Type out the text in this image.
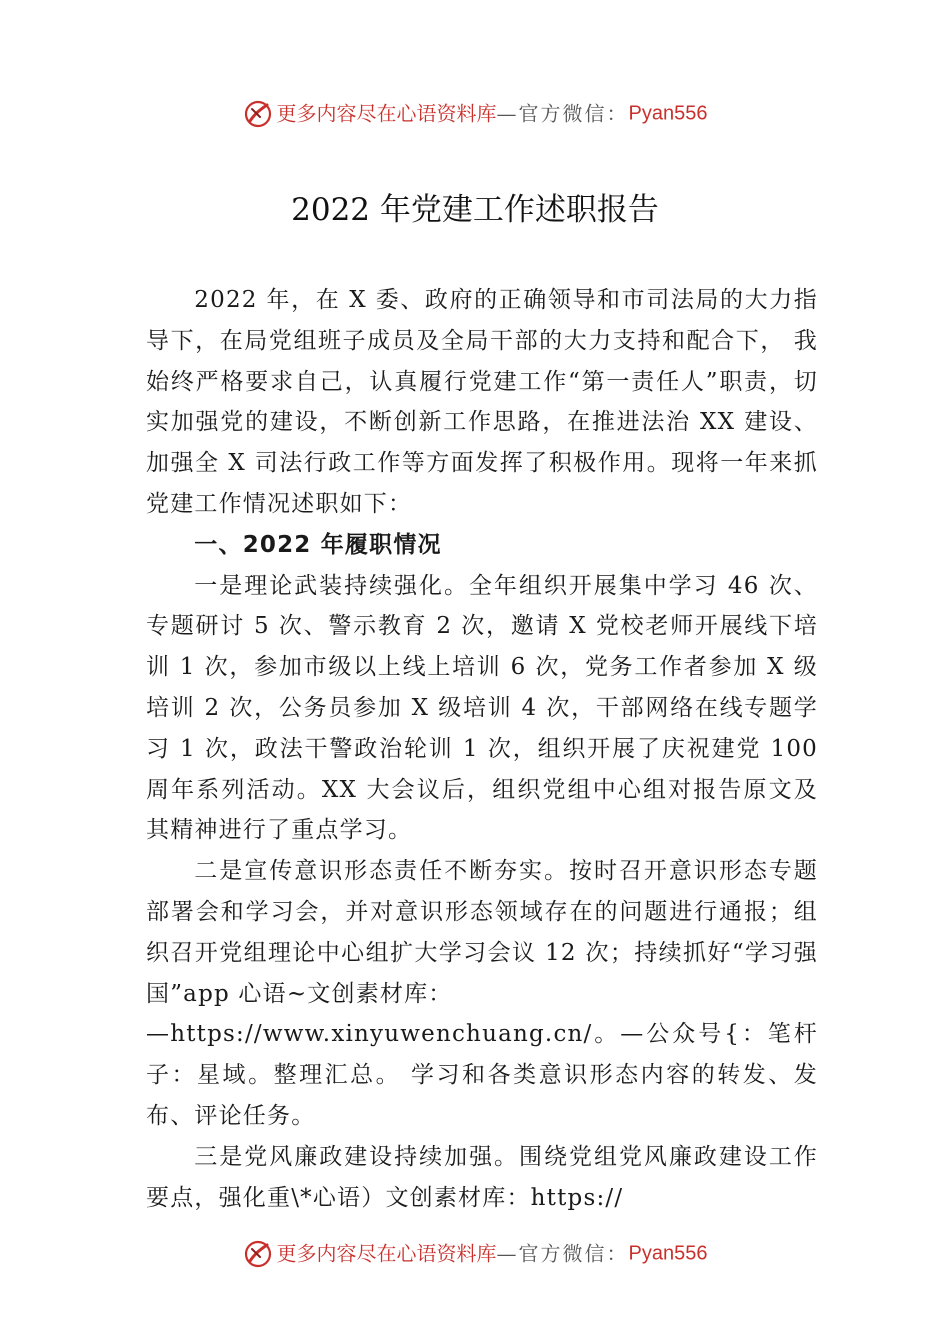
更多内容尽在心语资料库—官方微信：Pyan556
2022 年党建工作述职报告

2022 年，在 X 委、政府的正确领导和市司法局的大力指导下，在局党组班子成员及全局干部的大力支持和配合下， 我始终严格要求自己，认真履行党建工作“第一责任人”职责，切实加强党的建设，不断创新工作思路，在推进法治 XX 建设、加强全 X 司法行政工作等方面发挥了积极作用。现将一年来抓党建工作情况述职如下：

一、2022 年履职情况

一是理论武装持续强化。全年组织开展集中学习 46 次、专题研讨 5 次、警示教育 2 次，邀请 X 党校老师开展线下培训 1 次，参加市级以上线上培训 6 次，党务工作者参加 X 级培训 2 次，公务员参加 X 级培训 4 次，干部网络在线专题学习 1 次，政法干警政治轮训 1 次，组织开展了庆祝建党 100 周年系列活动。XX 大会议后，组织党组中心组对报告原文及其精神进行了重点学习。

二是宣传意识形态责任不断夯实。按时召开意识形态专题部署会和学习会，并对意识形态领域存在的问题进行通报；组织召开党组理论中心组扩大学习会议 12 次；持续抓好“学习强国”app 心语~文创素材库：

—https://www.xinyuwenchuang.cn/。—公众号{：笔杆子：星域。整理汇总。 学习和各类意识形态内容的转发、发布、评论任务。

三是党风廉政建设持续加强。围绕党组党风廉政建设工作要点，强化重\*心语）文创素材库：https://

更多内容尽在心语资料库—官方微信：Pyan556
